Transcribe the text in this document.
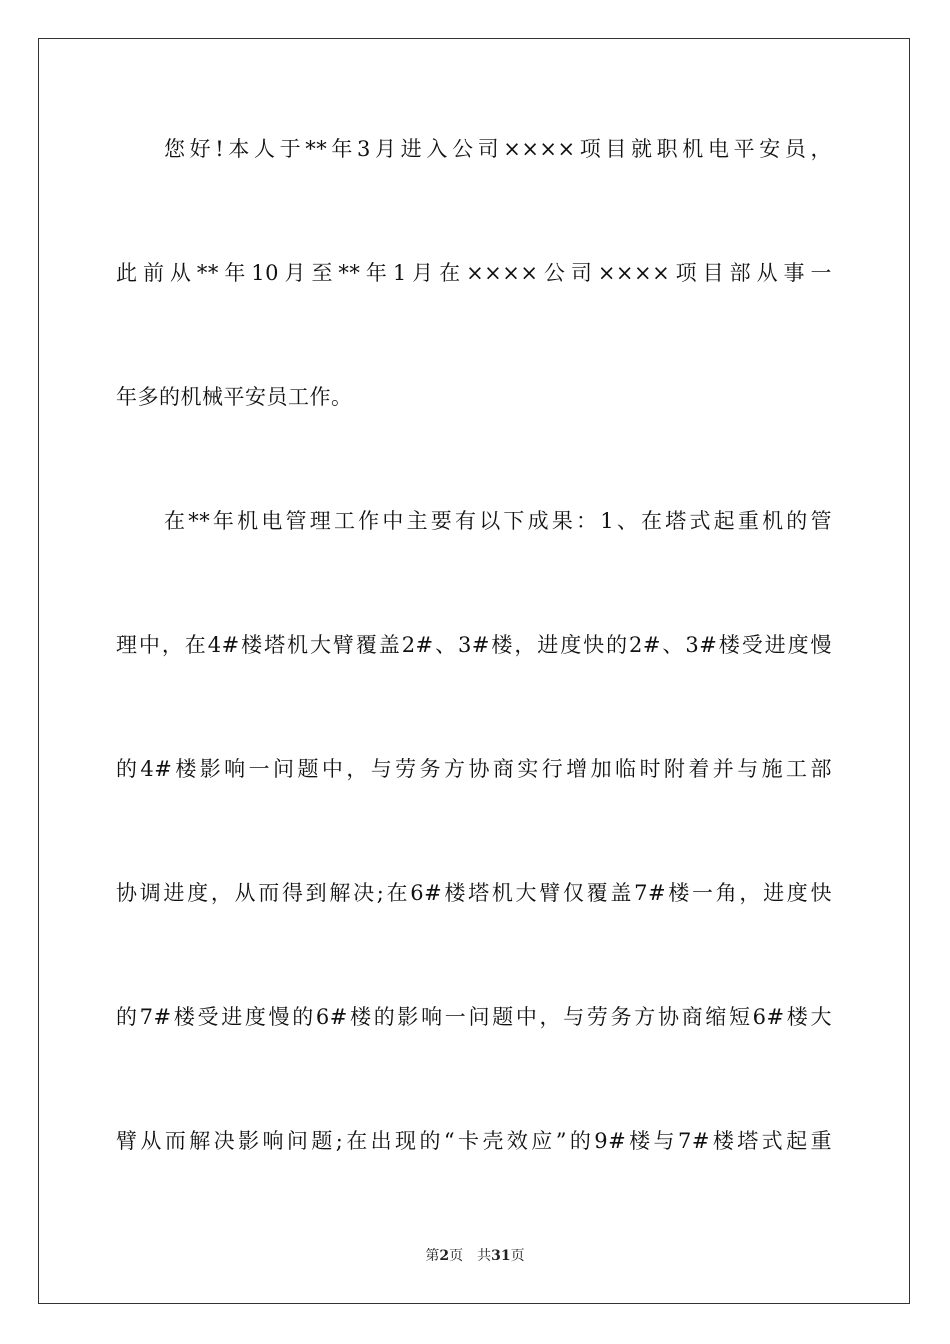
您好!本人于**年3月进入公司××××项目就职机电平安员，
此前从**年10月至**年1月在××××公司××××项目部从事一
年多的机械平安员工作。
在**年机电管理工作中主要有以下成果：1、在塔式起重机的管
理中，在4#楼塔机大臂覆盖2#、3#楼，进度快的2#、3#楼受进度慢
的4#楼影响一问题中，与劳务方协商实行增加临时附着并与施工部
协调进度，从而得到解决;在6#楼塔机大臂仅覆盖7#楼一角，进度快
的7#楼受进度慢的6#楼的影响一问题中，与劳务方协商缩短6#楼大
臂从而解决影响问题;在出现的“卡壳效应”的9#楼与7#楼塔式起重
第2页 共31页
